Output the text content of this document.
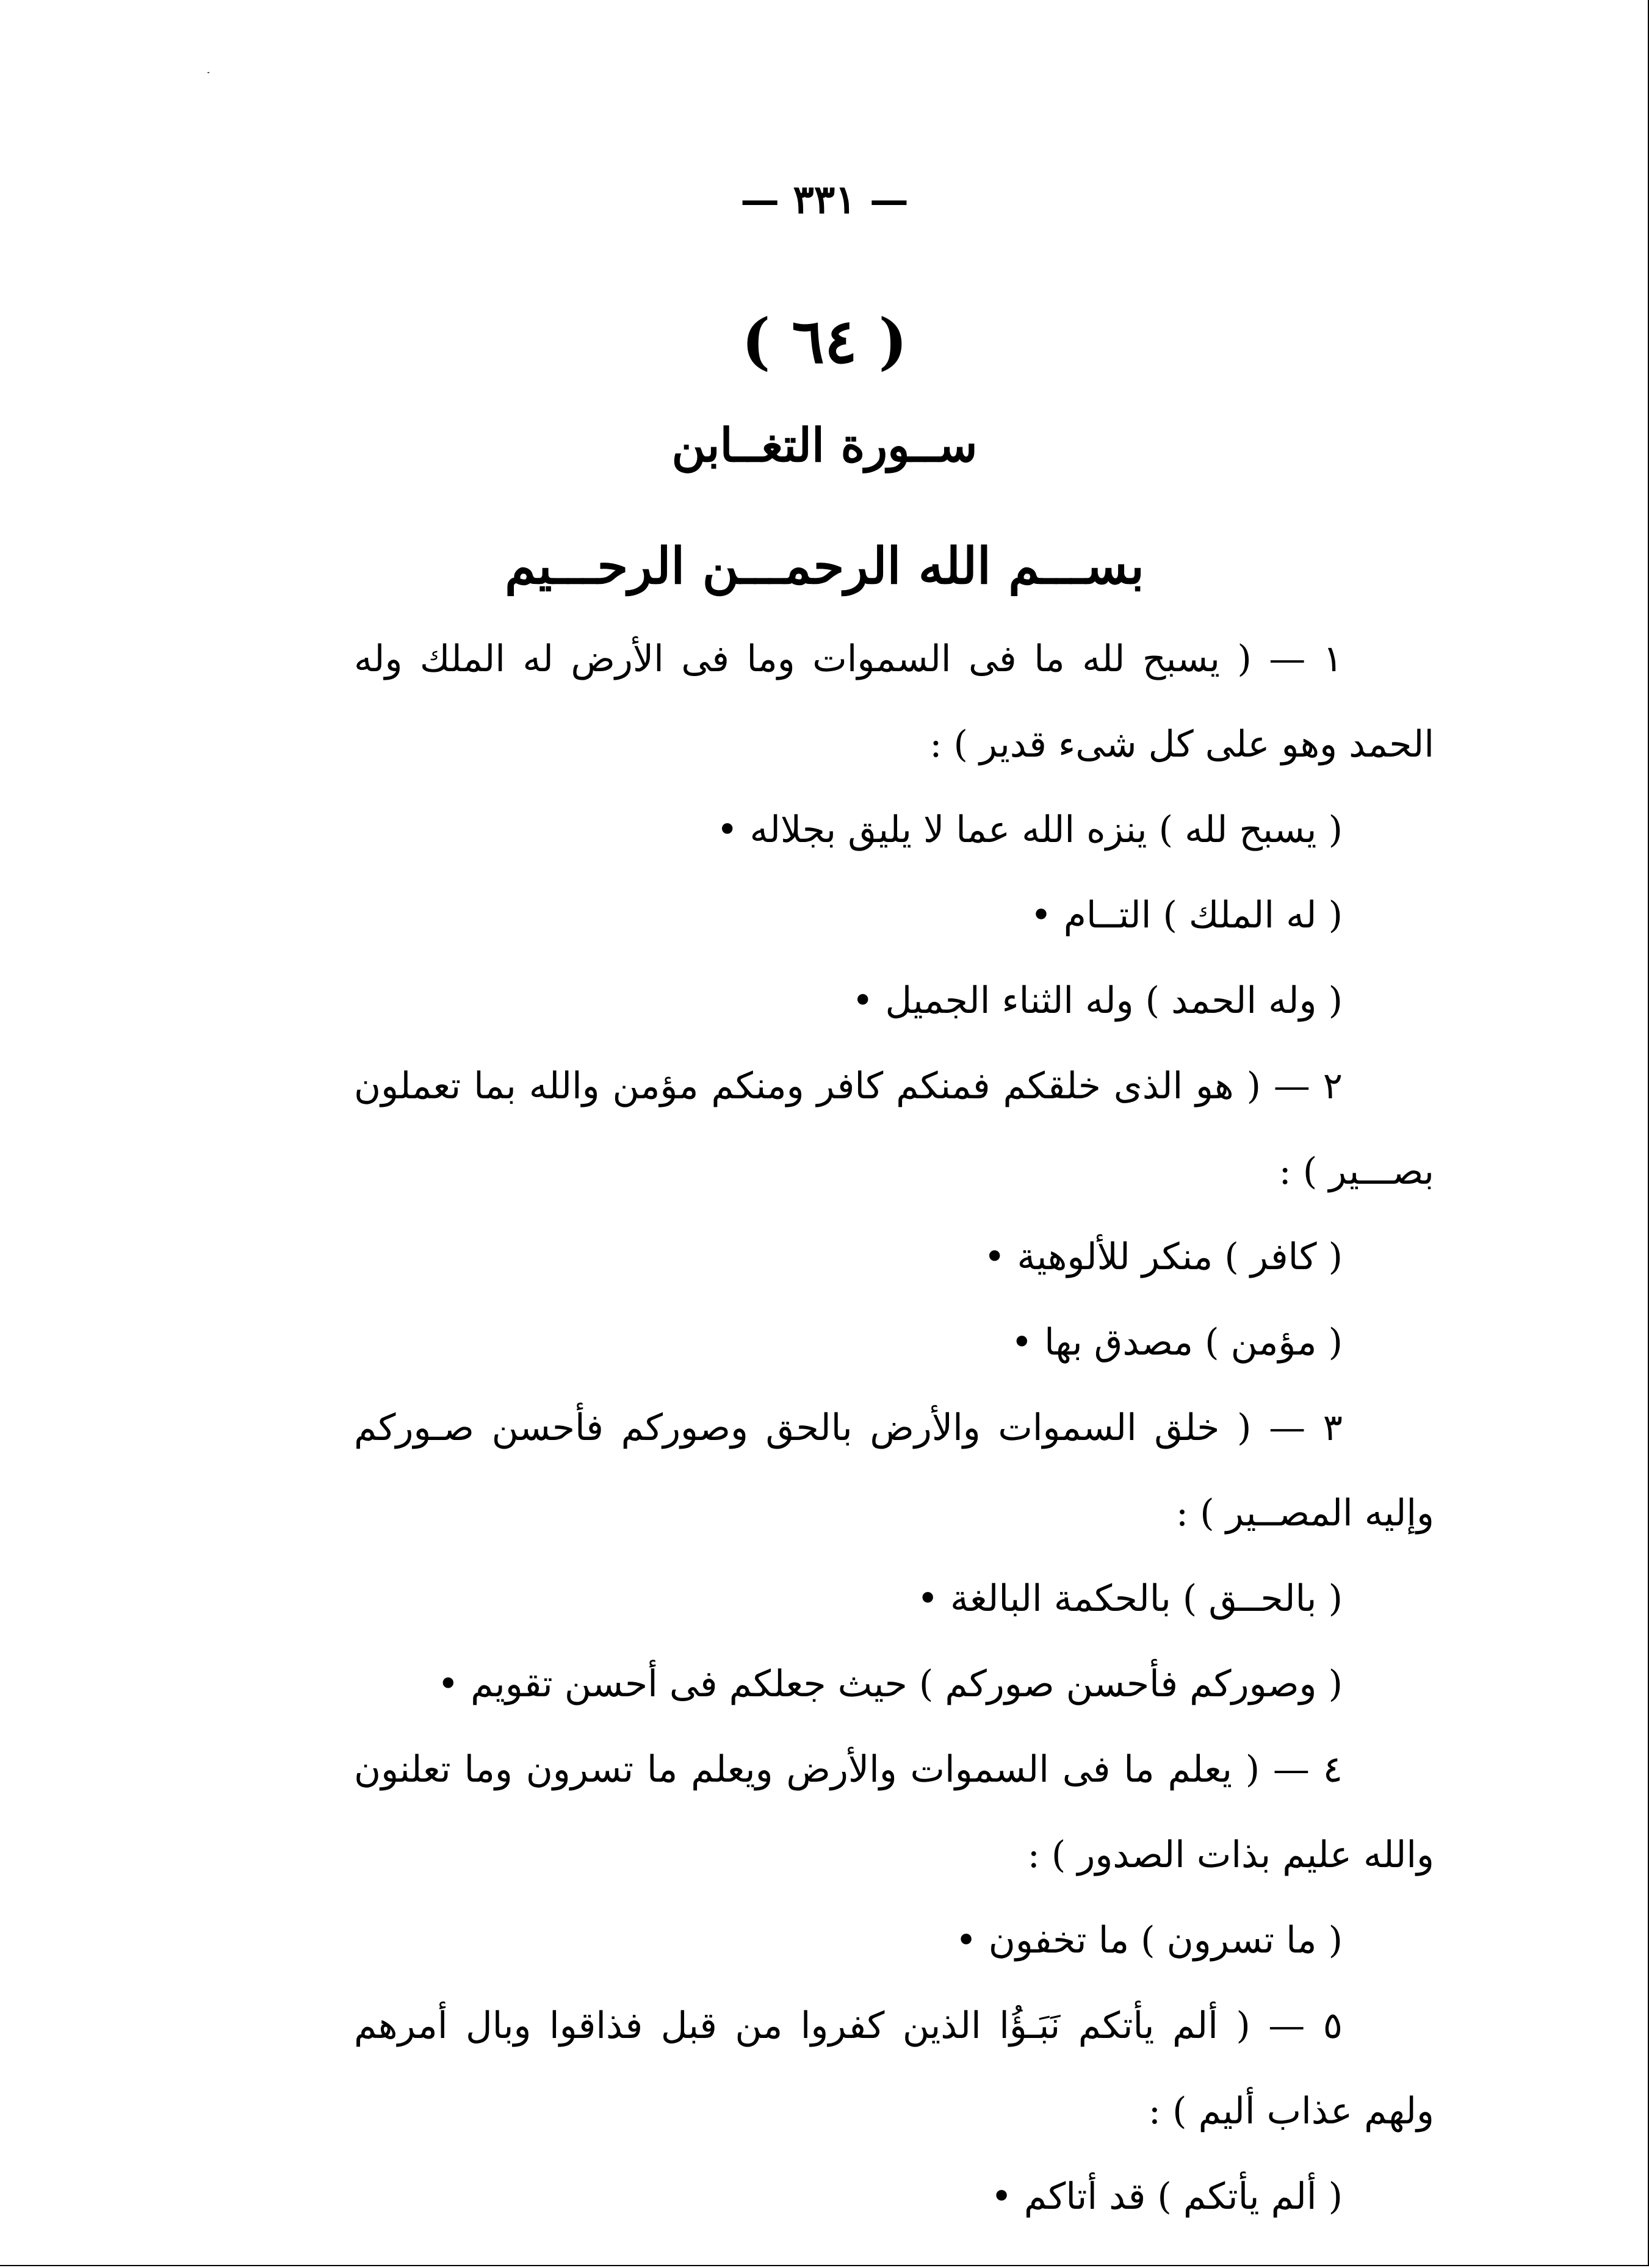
— ٣٣١ —
( ٦٤ )
ســورة التغــابن
بســـم الله الرحمـــن الرحـــيم

١ — ( يسبح لله ما فى السموات وما فى الأرض له الملك وله الحمد وهو على كل شىء قدير ) :

( يسبح لله ) ينزه الله عما لا يليق بجلاله •

( له الملك ) التــام •

( وله الحمد ) وله الثناء الجميل •

٢ — ( هو الذى خلقكم فمنكم كافر ومنكم مؤمن والله بما تعملون بصـــير ) :

( كافر ) منكر للألوهية •

( مؤمن ) مصدق بها •

٣ — ( خلق السموات والأرض بالحق وصوركم فأحسن صـوركم وإليه المصــير ) :

( بالحــق ) بالحكمة البالغة •

( وصوركم فأحسن صوركم ) حيث جعلكم فى أحسن تقويم •

٤ — ( يعلم ما فى السموات والأرض ويعلم ما تسرون وما تعلنون والله عليم بذات الصدور ) :

( ما تسرون ) ما تخفون •

٥ — ( ألم يأتكم نَبَـؤُا الذين كفروا من قبل فذاقوا وبال أمرهم ولهم عذاب أليم ) :

( ألم يأتكم ) قد أتاكم •
